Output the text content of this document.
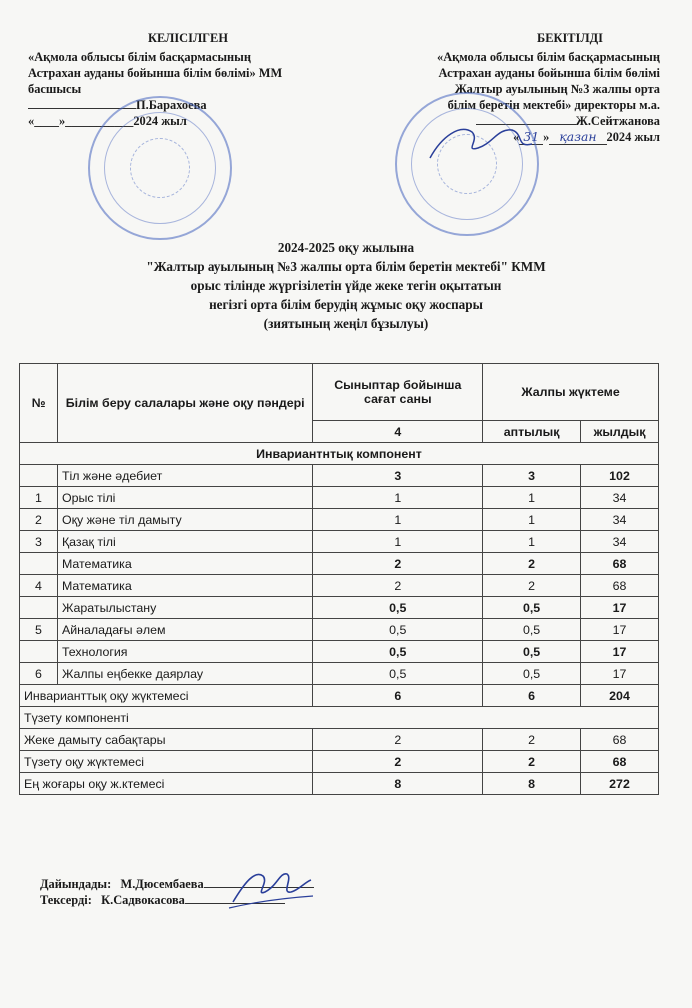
КЕЛІСІЛГЕН
«Ақмола облысы білім басқармасының
Астрахан ауданы бойынша білім бөлімі» ММ
басшысы
П.Барахоева
«____»___________2024 жыл
БЕКІТІЛДІ
«Ақмола облысы білім басқармасының
Астрахан ауданы бойынша білім бөлімі
Жалтыр ауылының №3 жалпы орта
білім беретін мектебі» директоры м.а.
Ж.Сейтжанова
« 31 » қазан 2024 жыл
2024-2025 оқу жылына
"Жалтыр ауылының №3 жалпы орта білім беретін мектебі" КММ
орыс тілінде жүргізілетін үйде жеке тегін оқытатын
негізгі орта білім берудің жұмыс оқу жоспары
(зиятының жеңіл бұзылуы)
№	Білім беру салалары және оқу пәндері	Сыныптар бойынша сағат саны	Жалпы жүктеме	
		4	аптылық	жылдық
Инвариантнтық компонент				
	Тіл және әдебиет	3	3	102
1	Орыс тілі	1	1	34
2	Оқу және тіл дамыту	1	1	34
3	Қазақ тілі	1	1	34
	Математика	2	2	68
4	Математика	2	2	68
	Жаратылыстану	0,5	0,5	17
5	Айналадағы әлем	0,5	0,5	17
	Технология	0,5	0,5	17
6	Жалпы еңбекке даярлау	0,5	0,5	17
Инварианттық оқу жүктемесі		6	6	204
Түзету компоненті				
Жеке дамыту сабақтары		2	2	68
Түзету оқу жүктемесі		2	2	68
Ең жоғары оқу ж.ктемесі		8	8	272
Дайындады: М.Дюсембаева
Тексерді: К.Садвокасова
